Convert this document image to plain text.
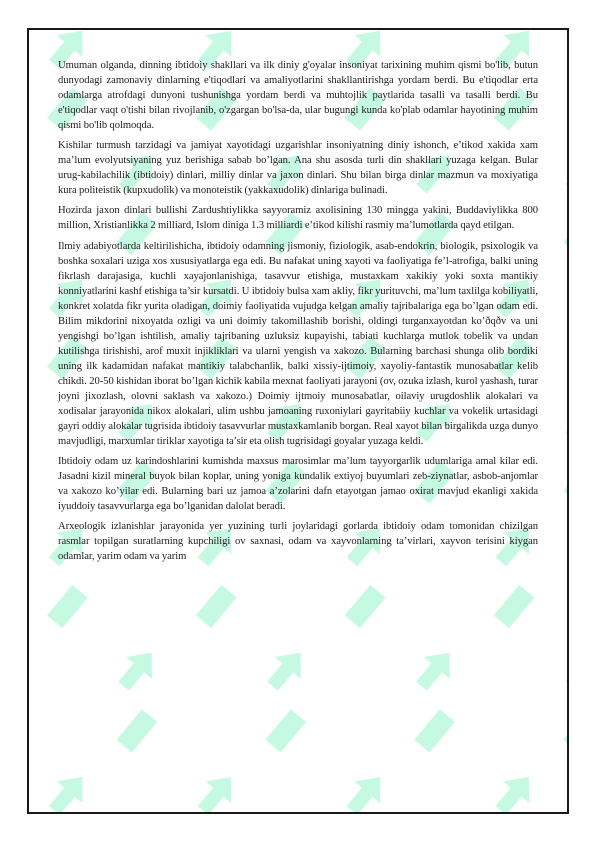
Umuman olganda, dinning ibtidoiy shakllari va ilk diniy g'oyalar insoniyat tarixining muhim qismi bo'lib, butun dunyodagi zamonaviy dinlarning e'tiqodlari va amaliyotlarini shakllantirishga yordam berdi. Bu e'tiqodlar erta odamlarga atrofdagi dunyoni tushunishga yordam berdi va muhtojlik paytlarida tasalli va tasalli berdi. Bu e'tiqodlar vaqt o'tishi bilan rivojlanib, o'zgargan bo'lsa-da, ular bugungi kunda ko'plab odamlar hayotining muhim qismi bo'lib qolmoqda.

Kishilar turmush tarzidagi va jamiyat xayotidagi uzgarishlar insoniyatning diniy ishonch, e’tikod xakida xam ma’lum evolyutsiyaning yuz berishiga sabab bo’lgan. Ana shu asosda turli din shakllari yuzaga kelgan. Bular urug-kabilachilik (ibtidoiy) dinlari, milliy dinlar va jaxon dinlari. Shu bilan birga dinlar mazmun va moxiyatiga kura politeistik (kupxudolik) va monoteistik (yakkaxudolik) dinlariga bulinadi.

Hozirda jaxon dinlari bullishi Zardushtiylikka sayyoramiz axolisining 130 mingga yakini, Buddaviylikka 800 million, Xristianlikka 2 milliard, Islom diniga 1.3 milliardi e’tikod kilishi rasmiy ma’lumotlarda qayd etilgan.

Ilmiy adabiyotlarda keltirilishicha, ibtidoiy odamning jismoniy, fiziologik, asab-endokrin, biologik, psixologik va boshka soxalari uziga xos xususiyatlarga ega edi. Bu nafakat uning xayoti va faoliyatiga fe’l-atrofiga, balki uning fikrlash darajasiga, kuchli xayajonlanishiga, tasavvur etishiga, mustaxkam xakikiy yoki soxta mantikiy konniyatlarini kashf etishiga ta’sir kursatdi. U ibtidoiy bulsa xam akliy, fikr yurituvchi, ma’lum taxlilga kobiliyatli, konkret xolatda fikr yurita oladigan, doimiy faoliyatida vujudga kelgan amaliy tajribalariga ega bo’lgan odam edi. Bilim mikdorini nixoyatda ozligi va uni doimiy takomillashib borishi, oldingi turganxayotdan ko’ðqðv va uni yengishgi bo’lgan ishtilish, amaliy tajribaning uzluksiz kupayishi, tabiati kuchlarga mutlok tobelik va undan kutilishga tirishishi, arof muxit injikliklari va ularni yengish va xakozo. Bularning barchasi shunga olib bordiki uning ilk kadamidan nafakat mantikiy talabchanlik, balki xissiy-ijtimoiy, xayoliy-fantastik munosabatlar kelib chikdi. 20-50 kishidan iborat bo’lgan kichik kabila mexnat faoliyati jarayoni (ov, ozuka izlash, kurol yashash, turar joyni jixozlash, olovni saklash va xakozo.) Doimiy ijtmoiy munosabatlar, oilaviy urugdoshlik alokalari va xodisalar jarayonida nikox alokalari, ulim ushbu jamoaning ruxoniylari gayritabiiy kuchlar va vokelik urtasidagi gayri oddiy alokalar tugrisida ibtidoiy tasavvurlar mustaxkamlanib borgan. Real xayot bilan birgalikda uzga dunyo mavjudligi, marxumlar tiriklar xayotiga ta’sir eta olish tugrisidagi goyalar yuzaga keldi.

Ibtidoiy odam uz karindoshlarini kumishda maxsus marosimlar ma’lum tayyorgarlik udumlariga amal kilar edi. Jasadni kizil mineral buyok bilan koplar, uning yoniga kundalik extiyoj buyumlari zeb-ziynatlar, asbob-anjomlar va xakozo ko’yilar edi. Bularning bari uz jamoa a’zolarini dafn etayotgan jamao oxirat mavjud ekanligi xakida iyuddoiy tasavvurlarga ega bo’lganidan dalolat beradi.

Arxeologik izlanishlar jarayonida yer yuzining turli joylaridagi gorlarda ibtidoiy odam tomonidan chizilgan rasmlar topilgan suratlarning kupchiligi ov saxnasi, odam va xayvonlarning ta’virlari, xayvon terisini kiygan odamlar, yarim odam va yarim
